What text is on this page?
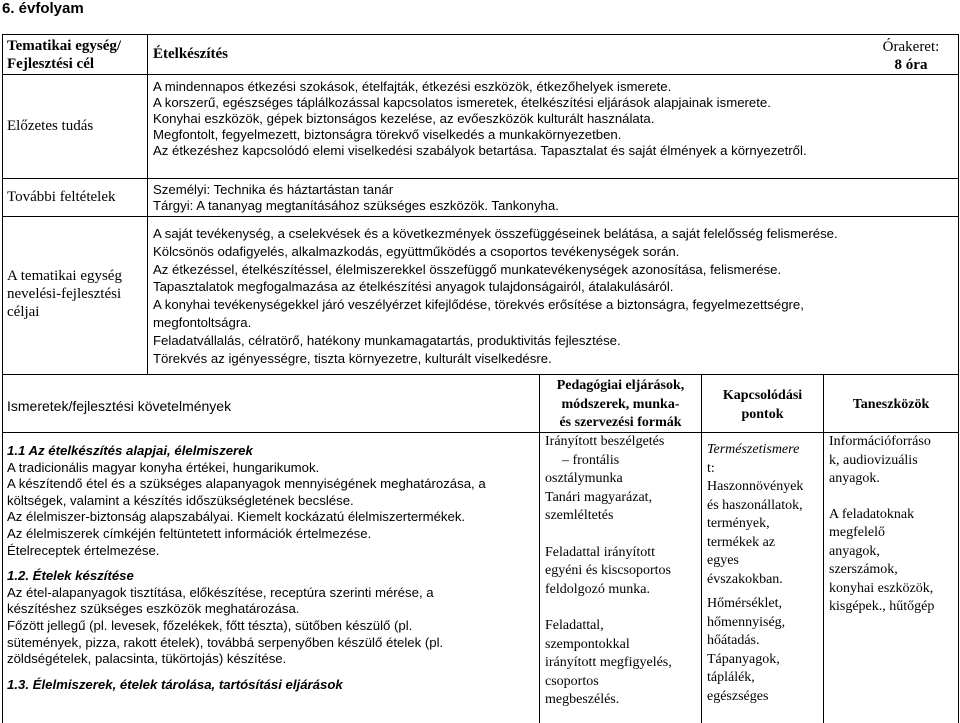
6. évfolyam
Tematikai egység/
Fejlesztési cél
Ételkészítés	Órakeret:
8 óra
Előzetes tudás
A mindennapos étkezési szokások, ételfajták, étkezési eszközök, étkezőhelyek ismerete.
A korszerű, egészséges táplálkozással kapcsolatos ismeretek, ételkészítési eljárások alapjainak ismerete.
Konyhai eszközök, gépek biztonságos kezelése, az evőeszközök kulturált használata.
Megfontolt, fegyelmezett, biztonságra törekvő viselkedés a munkakörnyezetben.
Az étkezéshez kapcsolódó elemi viselkedési szabályok betartása. Tapasztalat és saját élmények a környezetről.
További feltételek	Személyi: Technika és háztartástan tanár
Tárgyi: A tananyag megtanításához szükséges eszközök. Tankonyha.
A tematikai egység
nevelési-fejlesztési
céljai
A saját tevékenység, a cselekvések és a következmények összefüggéseinek belátása, a saját felelősség felismerése.
Kölcsönös odafigyelés, alkalmazkodás, együttműködés a csoportos tevékenységek során.
Az étkezéssel, ételkészítéssel, élelmiszerekkel összefüggő munkatevékenységek azonosítása, felismerése.
Tapasztalatok megfogalmazása az ételkészítési anyagok tulajdonságairól, átalakulásáról.
A konyhai tevékenységekkel járó veszélyérzet kifejlődése, törekvés erősítése a biztonságra, fegyelmezettségre,
megfontoltságra.
Feladatvállalás, célratörő, hatékony munkamagatartás, produktivitás fejlesztése.
Törekvés az igényességre, tiszta környezetre, kulturált viselkedésre.
Ismeretek/fejlesztési követelmények
Pedagógiai eljárások,
módszerek, munka-
és szervezési formák
Kapcsolódási
pontok
Taneszközök
1.1 Az ételkészítés alapjai, élelmiszerek
A tradicionális magyar konyha értékei, hungarikumok.
A készítendő étel és a szükséges alapanyagok mennyiségének meghatározása, a
költségek, valamint a készítés időszükségletének becslése.
Az élelmiszer-biztonság alapszabályai. Kiemelt kockázatú élelmiszertermékek.
Az élelmiszerek címkéjén feltüntetett információk értelmezése.
Ételreceptek értelmezése.
1.2. Ételek készítése
Az étel-alapanyagok tisztítása, előkészítése, receptúra szerinti mérése, a
készítéshez szükséges eszközök meghatározása.
Főzött jellegű (pl. levesek, főzelékek, főtt tészta), sütőben készülő (pl.
sütemények, pizza, rakott ételek), továbbá serpenyőben készülő ételek (pl.
zöldségételek, palacsinta, tükörtojás) készítése.
1.3. Élelmiszerek, ételek tárolása, tartósítási eljárások
Irányított beszélgetés
– frontális
osztálymunka
Tanári magyarázat,
szemléltetés
Feladattal irányított
egyéni és kiscsoportos
feldolgozó munka.
Feladattal,
szempontokkal
irányított megfigyelés,
csoportos
megbeszélés.
Természetismere
t:
Haszonnövények
és haszonállatok,
termények,
termékek az
egyes
évszakokban.
Hőmérséklet,
hőmennyiség,
hőátadás.
Tápanyagok,
táplálék,
egészséges
Információforráso
k, audiovizuális
anyagok.
A feladatoknak
megfelelő
anyagok,
szerszámok,
konyhai eszközök,
kisgépek., hűtőgép
